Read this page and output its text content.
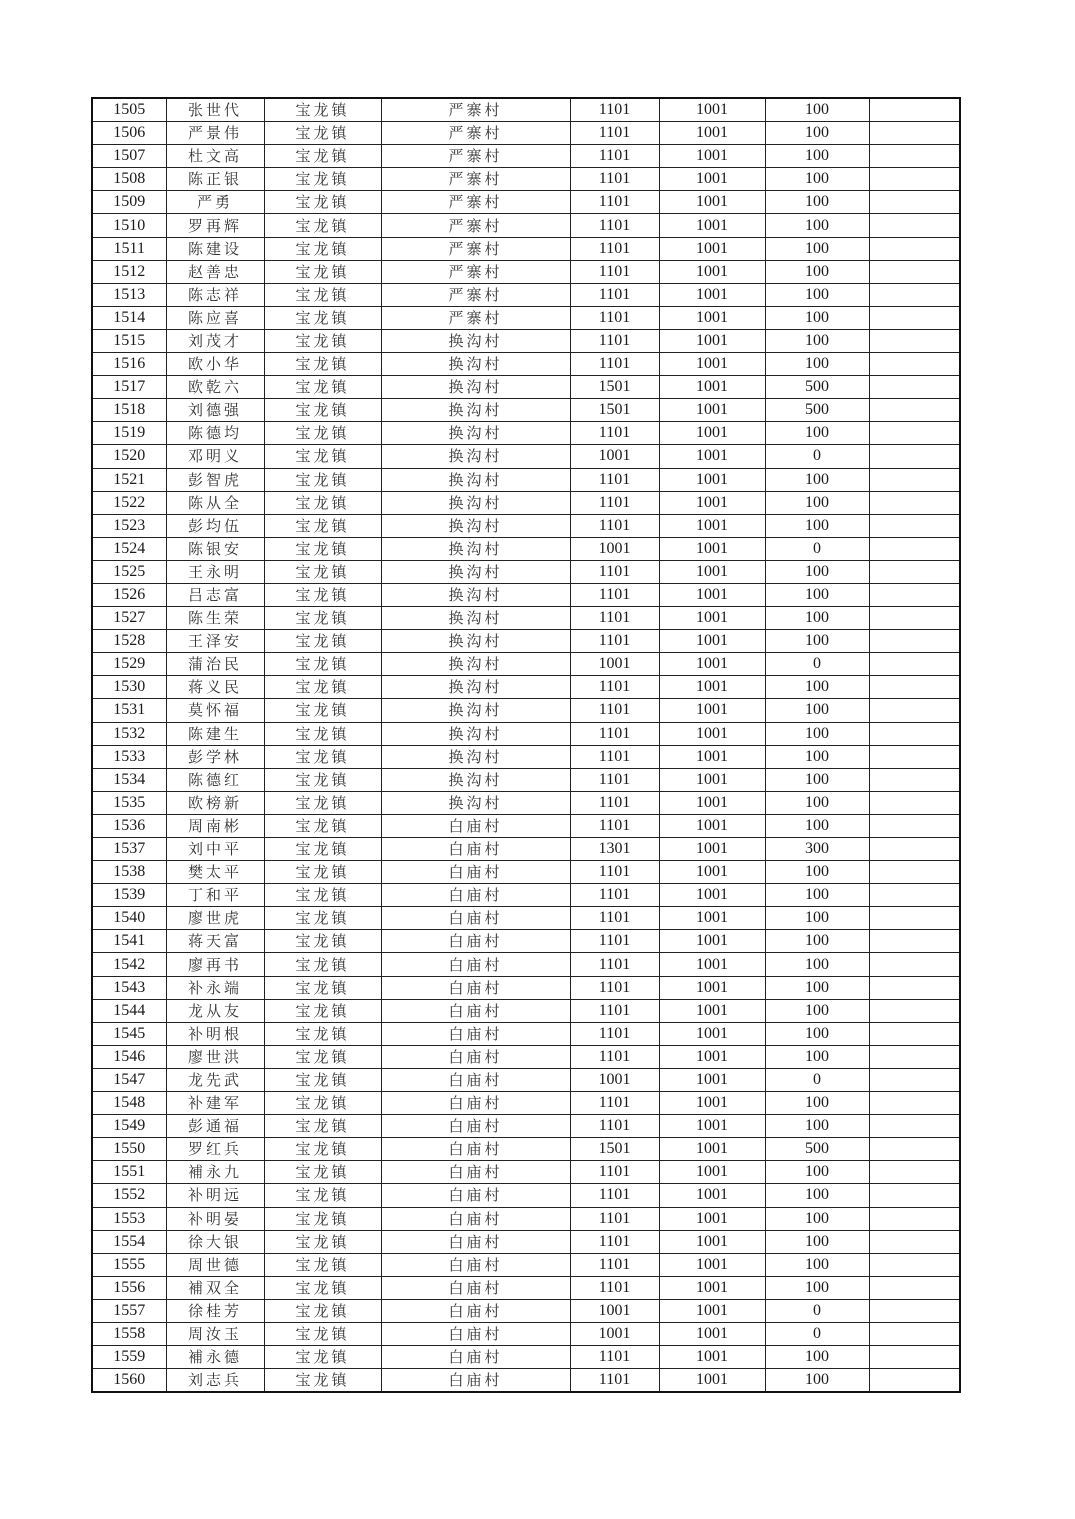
1505	张世代	宝龙镇	严寨村	1101	1001	100	
1506	严景伟	宝龙镇	严寨村	1101	1001	100	
1507	杜文高	宝龙镇	严寨村	1101	1001	100	
1508	陈正银	宝龙镇	严寨村	1101	1001	100	
1509	严勇	宝龙镇	严寨村	1101	1001	100	
1510	罗再辉	宝龙镇	严寨村	1101	1001	100	
1511	陈建设	宝龙镇	严寨村	1101	1001	100	
1512	赵善忠	宝龙镇	严寨村	1101	1001	100	
1513	陈志祥	宝龙镇	严寨村	1101	1001	100	
1514	陈应喜	宝龙镇	严寨村	1101	1001	100	
1515	刘茂才	宝龙镇	换沟村	1101	1001	100	
1516	欧小华	宝龙镇	换沟村	1101	1001	100	
1517	欧乾六	宝龙镇	换沟村	1501	1001	500	
1518	刘德强	宝龙镇	换沟村	1501	1001	500	
1519	陈德均	宝龙镇	换沟村	1101	1001	100	
1520	邓明义	宝龙镇	换沟村	1001	1001	0	
1521	彭智虎	宝龙镇	换沟村	1101	1001	100	
1522	陈从全	宝龙镇	换沟村	1101	1001	100	
1523	彭均伍	宝龙镇	换沟村	1101	1001	100	
1524	陈银安	宝龙镇	换沟村	1001	1001	0	
1525	王永明	宝龙镇	换沟村	1101	1001	100	
1526	吕志富	宝龙镇	换沟村	1101	1001	100	
1527	陈生荣	宝龙镇	换沟村	1101	1001	100	
1528	王泽安	宝龙镇	换沟村	1101	1001	100	
1529	蒲治民	宝龙镇	换沟村	1001	1001	0	
1530	蒋义民	宝龙镇	换沟村	1101	1001	100	
1531	莫怀福	宝龙镇	换沟村	1101	1001	100	
1532	陈建生	宝龙镇	换沟村	1101	1001	100	
1533	彭学林	宝龙镇	换沟村	1101	1001	100	
1534	陈德红	宝龙镇	换沟村	1101	1001	100	
1535	欧榜新	宝龙镇	换沟村	1101	1001	100	
1536	周南彬	宝龙镇	白庙村	1101	1001	100	
1537	刘中平	宝龙镇	白庙村	1301	1001	300	
1538	樊太平	宝龙镇	白庙村	1101	1001	100	
1539	丁和平	宝龙镇	白庙村	1101	1001	100	
1540	廖世虎	宝龙镇	白庙村	1101	1001	100	
1541	蒋天富	宝龙镇	白庙村	1101	1001	100	
1542	廖再书	宝龙镇	白庙村	1101	1001	100	
1543	补永端	宝龙镇	白庙村	1101	1001	100	
1544	龙从友	宝龙镇	白庙村	1101	1001	100	
1545	补明根	宝龙镇	白庙村	1101	1001	100	
1546	廖世洪	宝龙镇	白庙村	1101	1001	100	
1547	龙先武	宝龙镇	白庙村	1001	1001	0	
1548	补建军	宝龙镇	白庙村	1101	1001	100	
1549	彭通福	宝龙镇	白庙村	1101	1001	100	
1550	罗红兵	宝龙镇	白庙村	1501	1001	500	
1551	補永九	宝龙镇	白庙村	1101	1001	100	
1552	补明远	宝龙镇	白庙村	1101	1001	100	
1553	补明晏	宝龙镇	白庙村	1101	1001	100	
1554	徐大银	宝龙镇	白庙村	1101	1001	100	
1555	周世德	宝龙镇	白庙村	1101	1001	100	
1556	補双全	宝龙镇	白庙村	1101	1001	100	
1557	徐桂芳	宝龙镇	白庙村	1001	1001	0	
1558	周汝玉	宝龙镇	白庙村	1001	1001	0	
1559	補永德	宝龙镇	白庙村	1101	1001	100	
1560	刘志兵	宝龙镇	白庙村	1101	1001	100	
